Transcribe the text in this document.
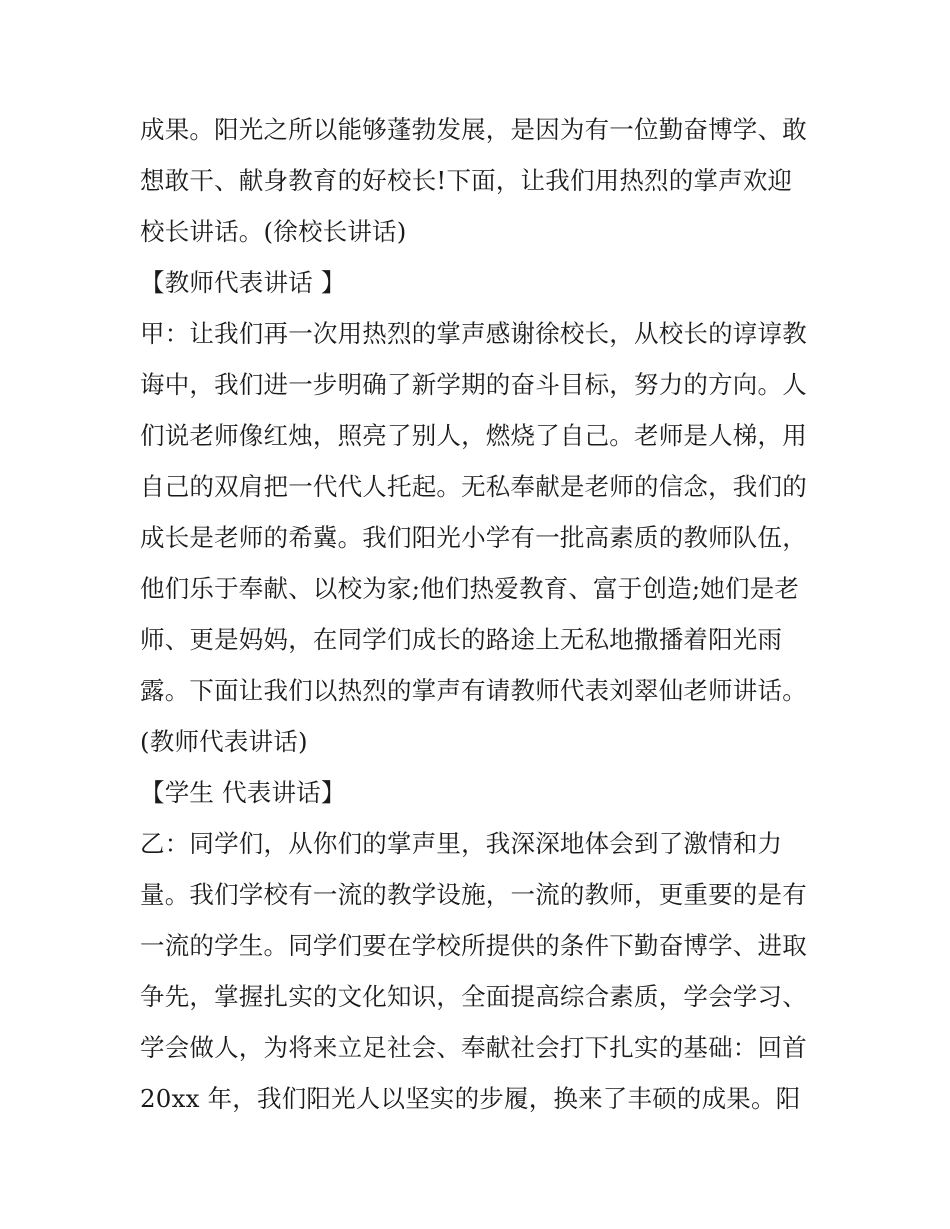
成果。阳光之所以能够蓬勃发展，是因为有一位勤奋博学、敢
想敢干、献身教育的好校长!下面，让我们用热烈的掌声欢迎
校长讲话。(徐校长讲话)
【教师代表讲话 】
甲：让我们再一次用热烈的掌声感谢徐校长，从校长的谆谆教
诲中，我们进一步明确了新学期的奋斗目标，努力的方向。人
们说老师像红烛，照亮了别人，燃烧了自己。老师是人梯，用
自己的双肩把一代代人托起。无私奉献是老师的信念，我们的
成长是老师的希冀。我们阳光小学有一批高素质的教师队伍，
他们乐于奉献、以校为家;他们热爱教育、富于创造;她们是老
师、更是妈妈，在同学们成长的路途上无私地撒播着阳光雨
露。下面让我们以热烈的掌声有请教师代表刘翠仙老师讲话。
(教师代表讲话)
【学生 代表讲话】
乙：同学们，从你们的掌声里，我深深地体会到了激情和力
量。我们学校有一流的教学设施，一流的教师，更重要的是有
一流的学生。同学们要在学校所提供的条件下勤奋博学、进取
争先，掌握扎实的文化知识，全面提高综合素质，学会学习、
学会做人，为将来立足社会、奉献社会打下扎实的基础：回首
20xx 年，我们阳光人以坚实的步履，换来了丰硕的成果。阳
